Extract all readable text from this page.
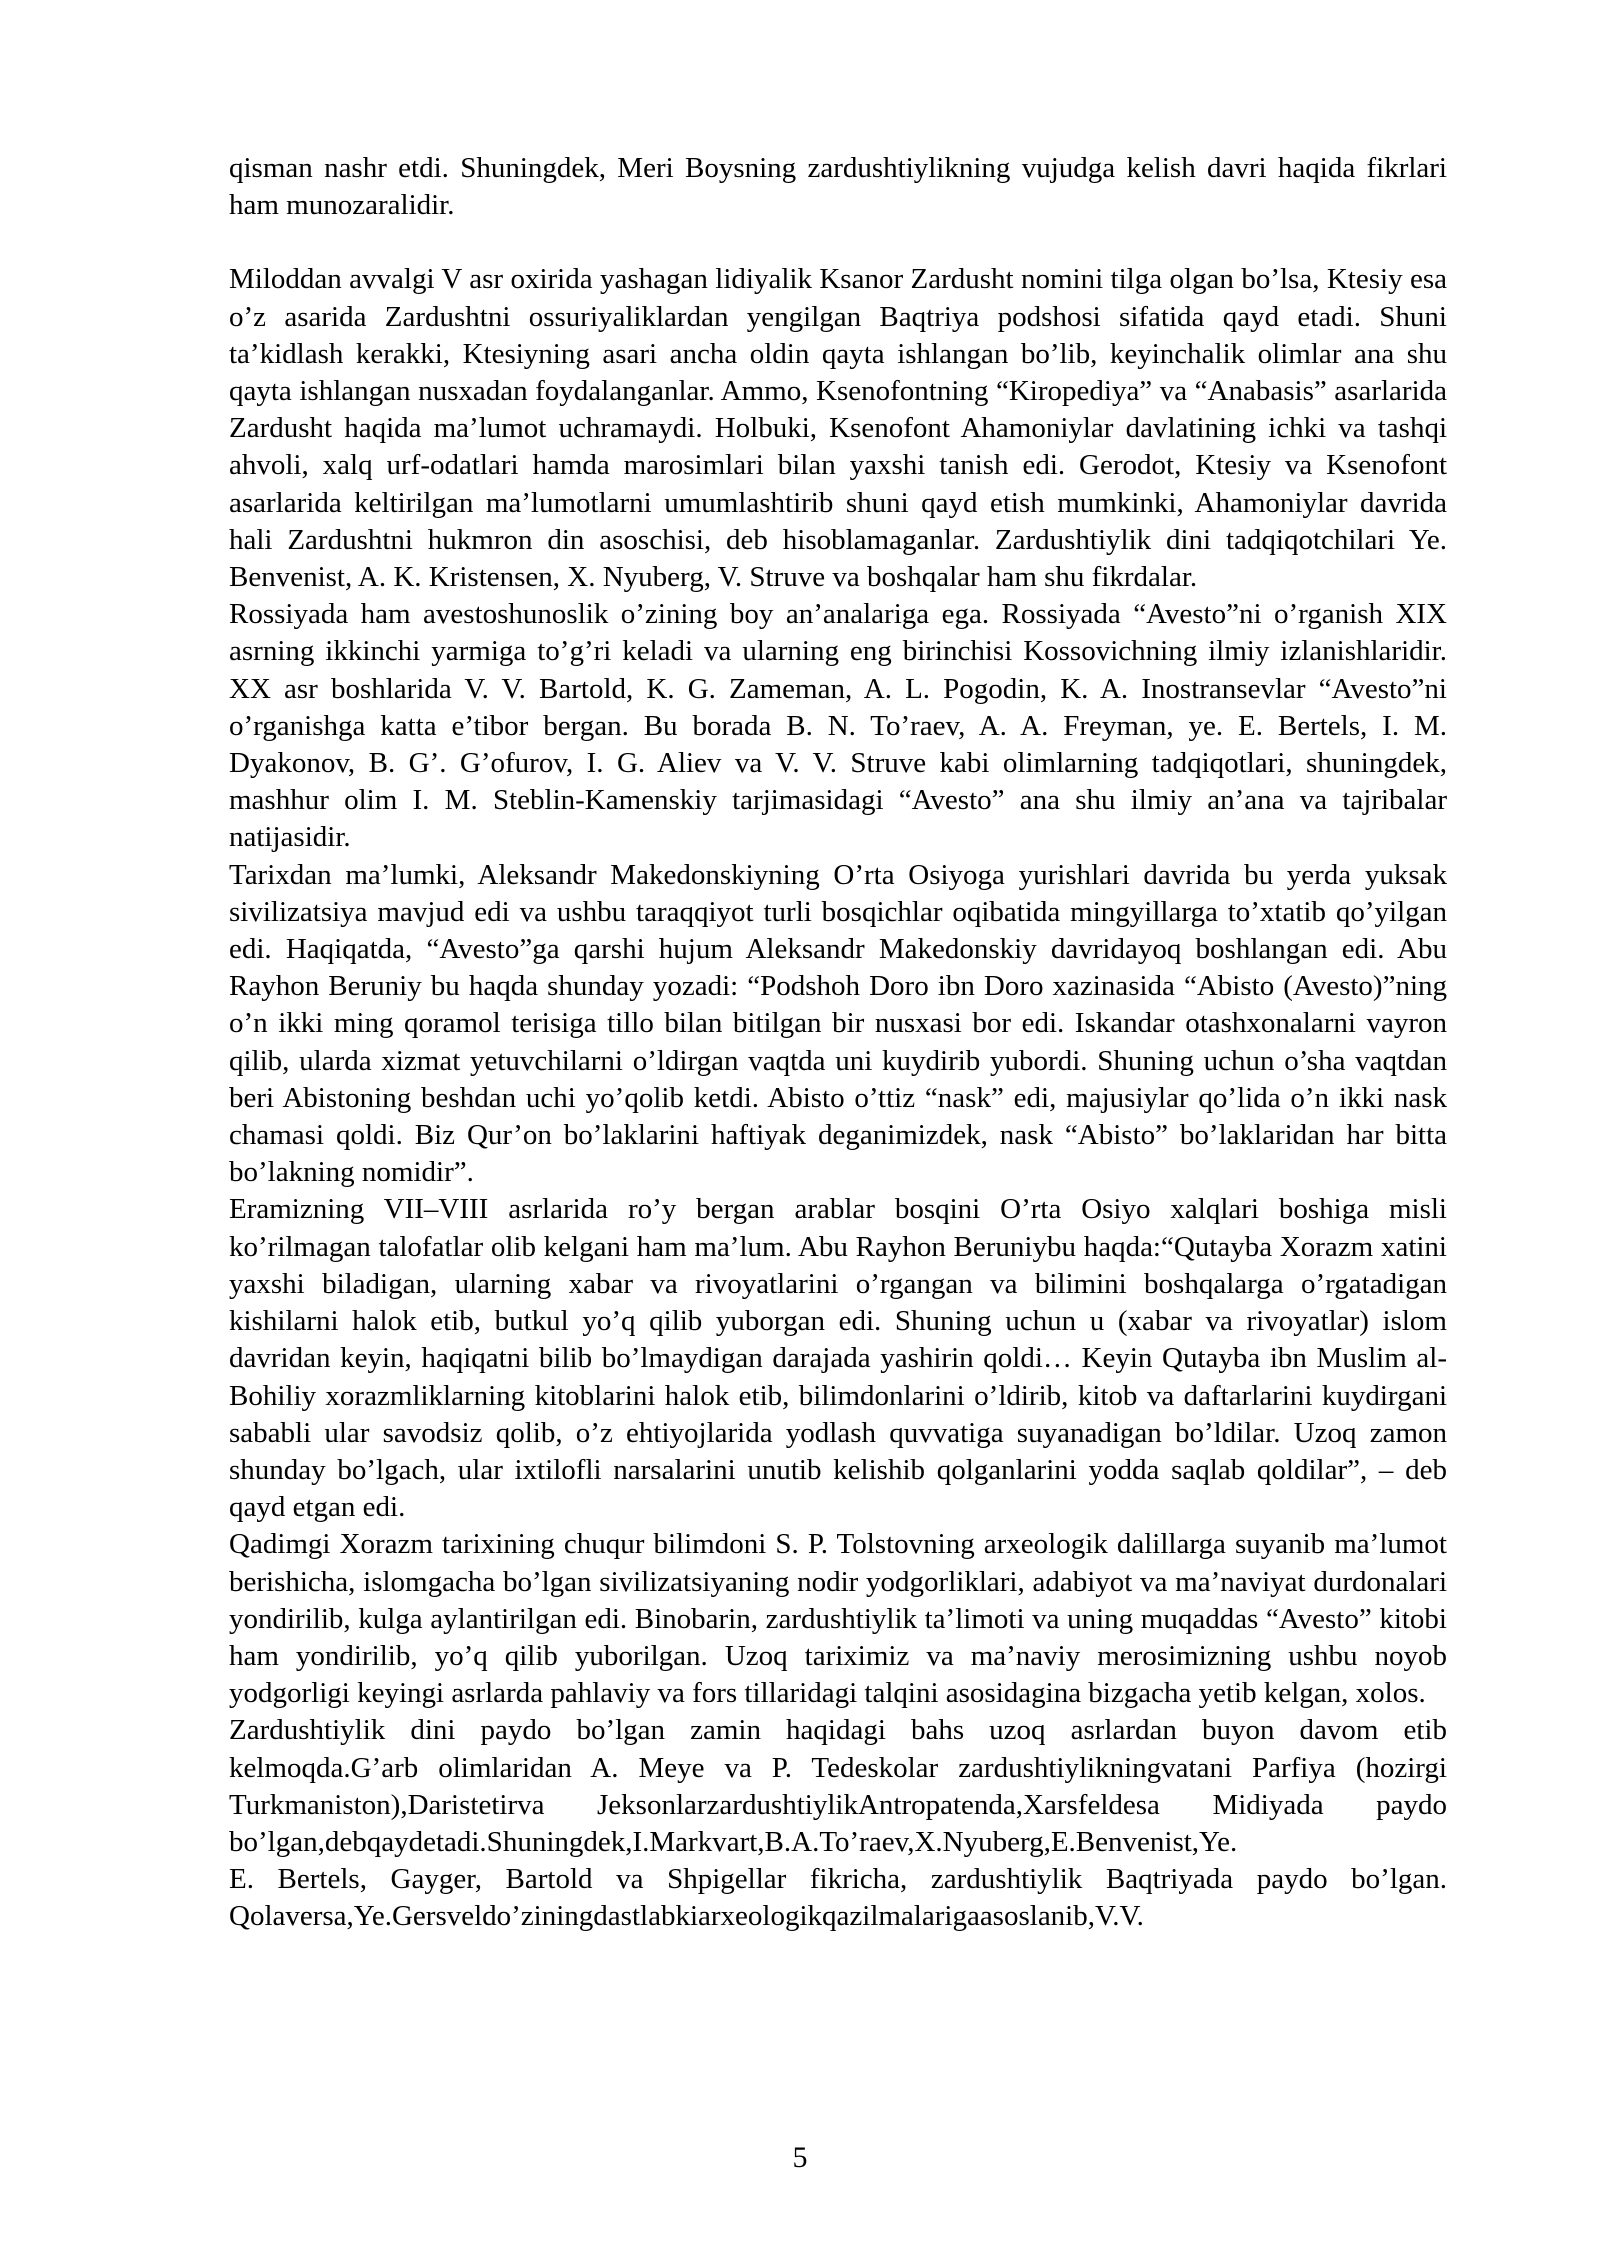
qisman nashr etdi. Shuningdek, Meri Boysning zardushtiylikning vujudga kelish davri haqida fikrlari ham munozaralidir.

Miloddan avvalgi V asr oxirida yashagan lidiyalik Ksanor Zardusht nomini tilga olgan bo’lsa, Ktesiy esa o’z asarida Zardushtni ossuriyaliklardan yengilgan Baqtriya podshosi sifatida qayd etadi. Shuni ta’kidlash kerakki, Ktesiyning asari ancha oldin qayta ishlangan bo’lib, keyinchalik olimlar ana shu qayta ishlangan nusxadan foydalanganlar. Ammo, Ksenofontning “Kiropediya” va “Anabasis” asarlarida Zardusht haqida ma’lumot uchramaydi. Holbuki, Ksenofont Ahamoniylar davlatining ichki va tashqi ahvoli, xalq urf-odatlari hamda marosimlari bilan yaxshi tanish edi. Gerodot, Ktesiy va Ksenofont asarlarida keltirilgan ma’lumotlarni umumlashtirib shuni qayd etish mumkinki, Ahamoniylar davrida hali Zardushtni hukmron din asoschisi, deb hisoblamaganlar. Zardushtiylik dini tadqiqotchilari Ye. Benvenist, A. K. Kristensen, X. Nyuberg, V. Struve va boshqalar ham shu fikrdalar.

Rossiyada ham avestoshunoslik o’zining boy an’analariga ega. Rossiyada “Avesto”ni o’rganish XIX asrning ikkinchi yarmiga to’g’ri keladi va ularning eng birinchisi Kossovichning ilmiy izlanishlaridir. XX asr boshlarida V. V. Bartold, K. G. Zameman, A. L. Pogodin, K. A. Inostransevlar “Avesto”ni o’rganishga katta e’tibor bergan. Bu borada B. N. To’raev, A. A. Freyman, ye. E. Bertels, I. M. Dyakonov, B. G’. G’ofurov, I. G. Aliev va V. V. Struve kabi olimlarning tadqiqotlari, shuningdek, mashhur olim I. M. Steblin-Kamenskiy tarjimasidagi “Avesto” ana shu ilmiy an’ana va tajribalar natijasidir.

Tarixdan ma’lumki, Aleksandr Makedonskiyning O’rta Osiyoga yurishlari davrida bu yerda yuksak sivilizatsiya mavjud edi va ushbu taraqqiyot turli bosqichlar oqibatida mingyillarga to’xtatib qo’yilgan edi. Haqiqatda, “Avesto”ga qarshi hujum Aleksandr Makedonskiy davridayoq boshlangan edi. Abu Rayhon Beruniy bu haqda shunday yozadi: “Podshoh Doro ibn Doro xazinasida “Abisto (Avesto)”ning o’n ikki ming qoramol terisiga tillo bilan bitilgan bir nusxasi bor edi. Iskandar otashxonalarni vayron qilib, ularda xizmat yetuvchilarni o’ldirgan vaqtda uni kuydirib yubordi. Shuning uchun o’sha vaqtdan beri Abistoning beshdan uchi yo’qolib ketdi. Abisto o’ttiz “nask” edi, majusiylar qo’lida o’n ikki nask chamasi qoldi. Biz Qur’on bo’laklarini haftiyak deganimizdek, nask “Abisto” bo’laklaridan har bitta bo’lakning nomidir”.

Eramizning VII–VIII asrlarida ro’y bergan arablar bosqini O’rta Osiyo xalqlari boshiga misli ko’rilmagan talofatlar olib kelgani ham ma’lum. Abu Rayhon Beruniybu haqda:“Qutayba Xorazm xatini yaxshi biladigan, ularning xabar va rivoyatlarini o’rgangan va bilimini boshqalarga o’rgatadigan kishilarni halok etib, butkul yo’q qilib yuborgan edi. Shuning uchun u (xabar va rivoyatlar) islom davridan keyin, haqiqatni bilib bo’lmaydigan darajada yashirin qoldi… Keyin Qutayba ibn Muslim al-Bohiliy xorazmliklarning kitoblarini halok etib, bilimdonlarini o’ldirib, kitob va daftarlarini kuydirgani sababli ular savodsiz qolib, o’z ehtiyojlarida yodlash quvvatiga suyanadigan bo’ldilar. Uzoq zamon shunday bo’lgach, ular ixtilofli narsalarini unutib kelishib qolganlarini yodda saqlab qoldilar”, – deb qayd etgan edi.

Qadimgi Xorazm tarixining chuqur bilimdoni S. P. Tolstovning arxeologik dalillarga suyanib ma’lumot berishicha, islomgacha bo’lgan sivilizatsiyaning nodir yodgorliklari, adabiyot va ma’naviyat durdonalari yondirilib, kulga aylantirilgan edi. Binobarin, zardushtiylik ta’limoti va uning muqaddas “Avesto” kitobi ham yondirilib, yo’q qilib yuborilgan. Uzoq tariximiz va ma’naviy merosimizning ushbu noyob yodgorligi keyingi asrlarda pahlaviy va fors tillaridagi talqini asosidagina bizgacha yetib kelgan, xolos.

Zardushtiylik dini paydo bo’lgan zamin haqidagi bahs uzoq asrlardan buyon davom etib kelmoqda.G’arb olimlaridan A. Meye va P. Tedeskolar zardushtiylikningvatani Parfiya (hozirgi Turkmaniston),Daristetirva JeksonlarzardushtiylikAntropatenda,Xarsfeldesa Midiyada paydo bo’lgan,debqaydetadi.Shuningdek,I.Markvart,B.A.To’raev,X.Nyuberg,E.Benvenist,Ye.

E. Bertels, Gayger, Bartold va Shpigellar fikricha, zardushtiylik Baqtriyada paydo bo’lgan. Qolaversa,Ye.Gersveldo’ziningdastlabkiarxeologikqazilmalarigaasoslanib,V.V.

5
